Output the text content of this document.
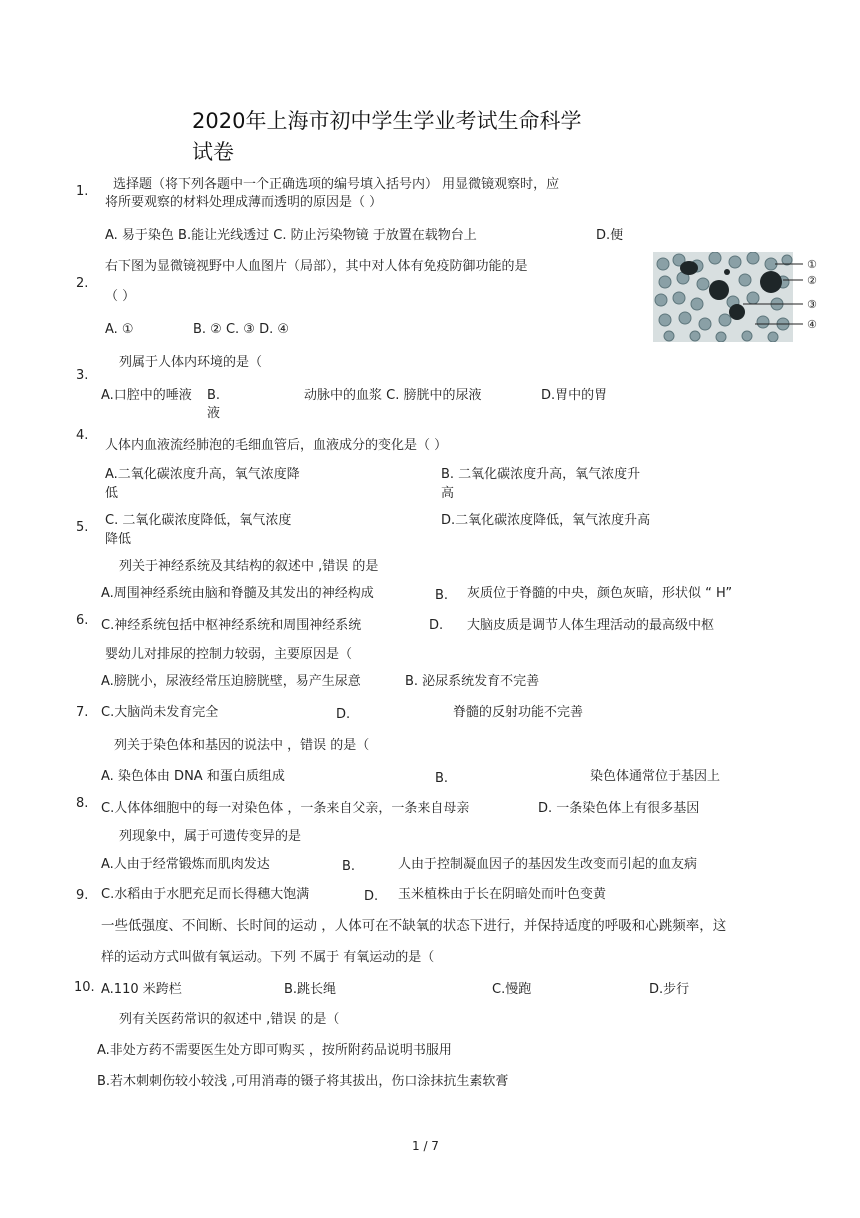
2020年上海市初中学生学业考试生命科学
试卷
1. 选择题（将下列各题中一个正确选项的编号填入括号内） 用显微镜观察时，应
将所要观察的材料处理成薄而透明的原因是（ ）
A. 易于染色 B.能让光线透过 C. 防止污染物镜 于放置在载物台上	D.便
右下图为显微镜视野中人血图片（局部），其中对人体有免疫防御功能的是
2.
（ ）
A. ①	B. ② C. ③ D. ④
①
②
③
④
列属于人体内环境的是（
3.
A.口腔中的唾液 B.
液
动脉中的血浆 C. 膀胱中的尿液	D.胃中的胃
4.
人体内血液流经肺泡的毛细血管后，血液成分的变化是（ ）
A.二氧化碳浓度升高，氧气浓度降
低
B. 二氧化碳浓度升高，氧气浓度升
高
C. 二氧化碳浓度降低，氧气浓度
降低
D.二氧化碳浓度降低，氧气浓度升高
5.
列关于神经系统及其结构的叙述中 ,错误 的是
A.周围神经系统由脑和脊髓及其发出的神经构成	B. 灰质位于脊髓的中央，颜色灰暗，形状似 “ H”
6. C.神经系统包括中枢神经系统和周围神经系统	D. 大脑皮质是调节人体生理活动的最高级中枢
婴幼儿对排尿的控制力较弱，主要原因是（
A.膀胱小，尿液经常压迫膀胱壁，易产生尿意	B. 泌尿系统发育不完善
7. C.大脑尚未发育完全	D.	脊髓的反射功能不完善
列关于染色体和基因的说法中 ，错误 的是（
A. 染色体由 DNA 和蛋白质组成	B.	染色体通常位于基因上
8. C.人体体细胞中的每一对染色体 ，一条来自父亲，一条来自母亲	D. 一条染色体上有很多基因
列现象中，属于可遗传变异的是
A.人由于经常锻炼而肌肉发达	B.	人由于控制凝血因子的基因发生改变而引起的血友病
9. C.水稻由于水肥充足而长得穗大饱满	D. 玉米植株由于长在阴暗处而叶色变黄
一些低强度、不间断、长时间的运动 ，人体可在不缺氧的状态下进行，并保持适度的呼吸和心跳频率，这
样的运动方式叫做有氧运动。下列 不属于 有氧运动的是（
10. A.110 米跨栏	B.跳长绳	C.慢跑	D.步行
列有关医药常识的叙述中 ,错误 的是（
A.非处方药不需要医生处方即可购买 ，按所附药品说明书服用
B.若木刺刺伤较小较浅 ,可用消毒的镊子将其拔出，伤口涂抹抗生素软膏
1 / 7
